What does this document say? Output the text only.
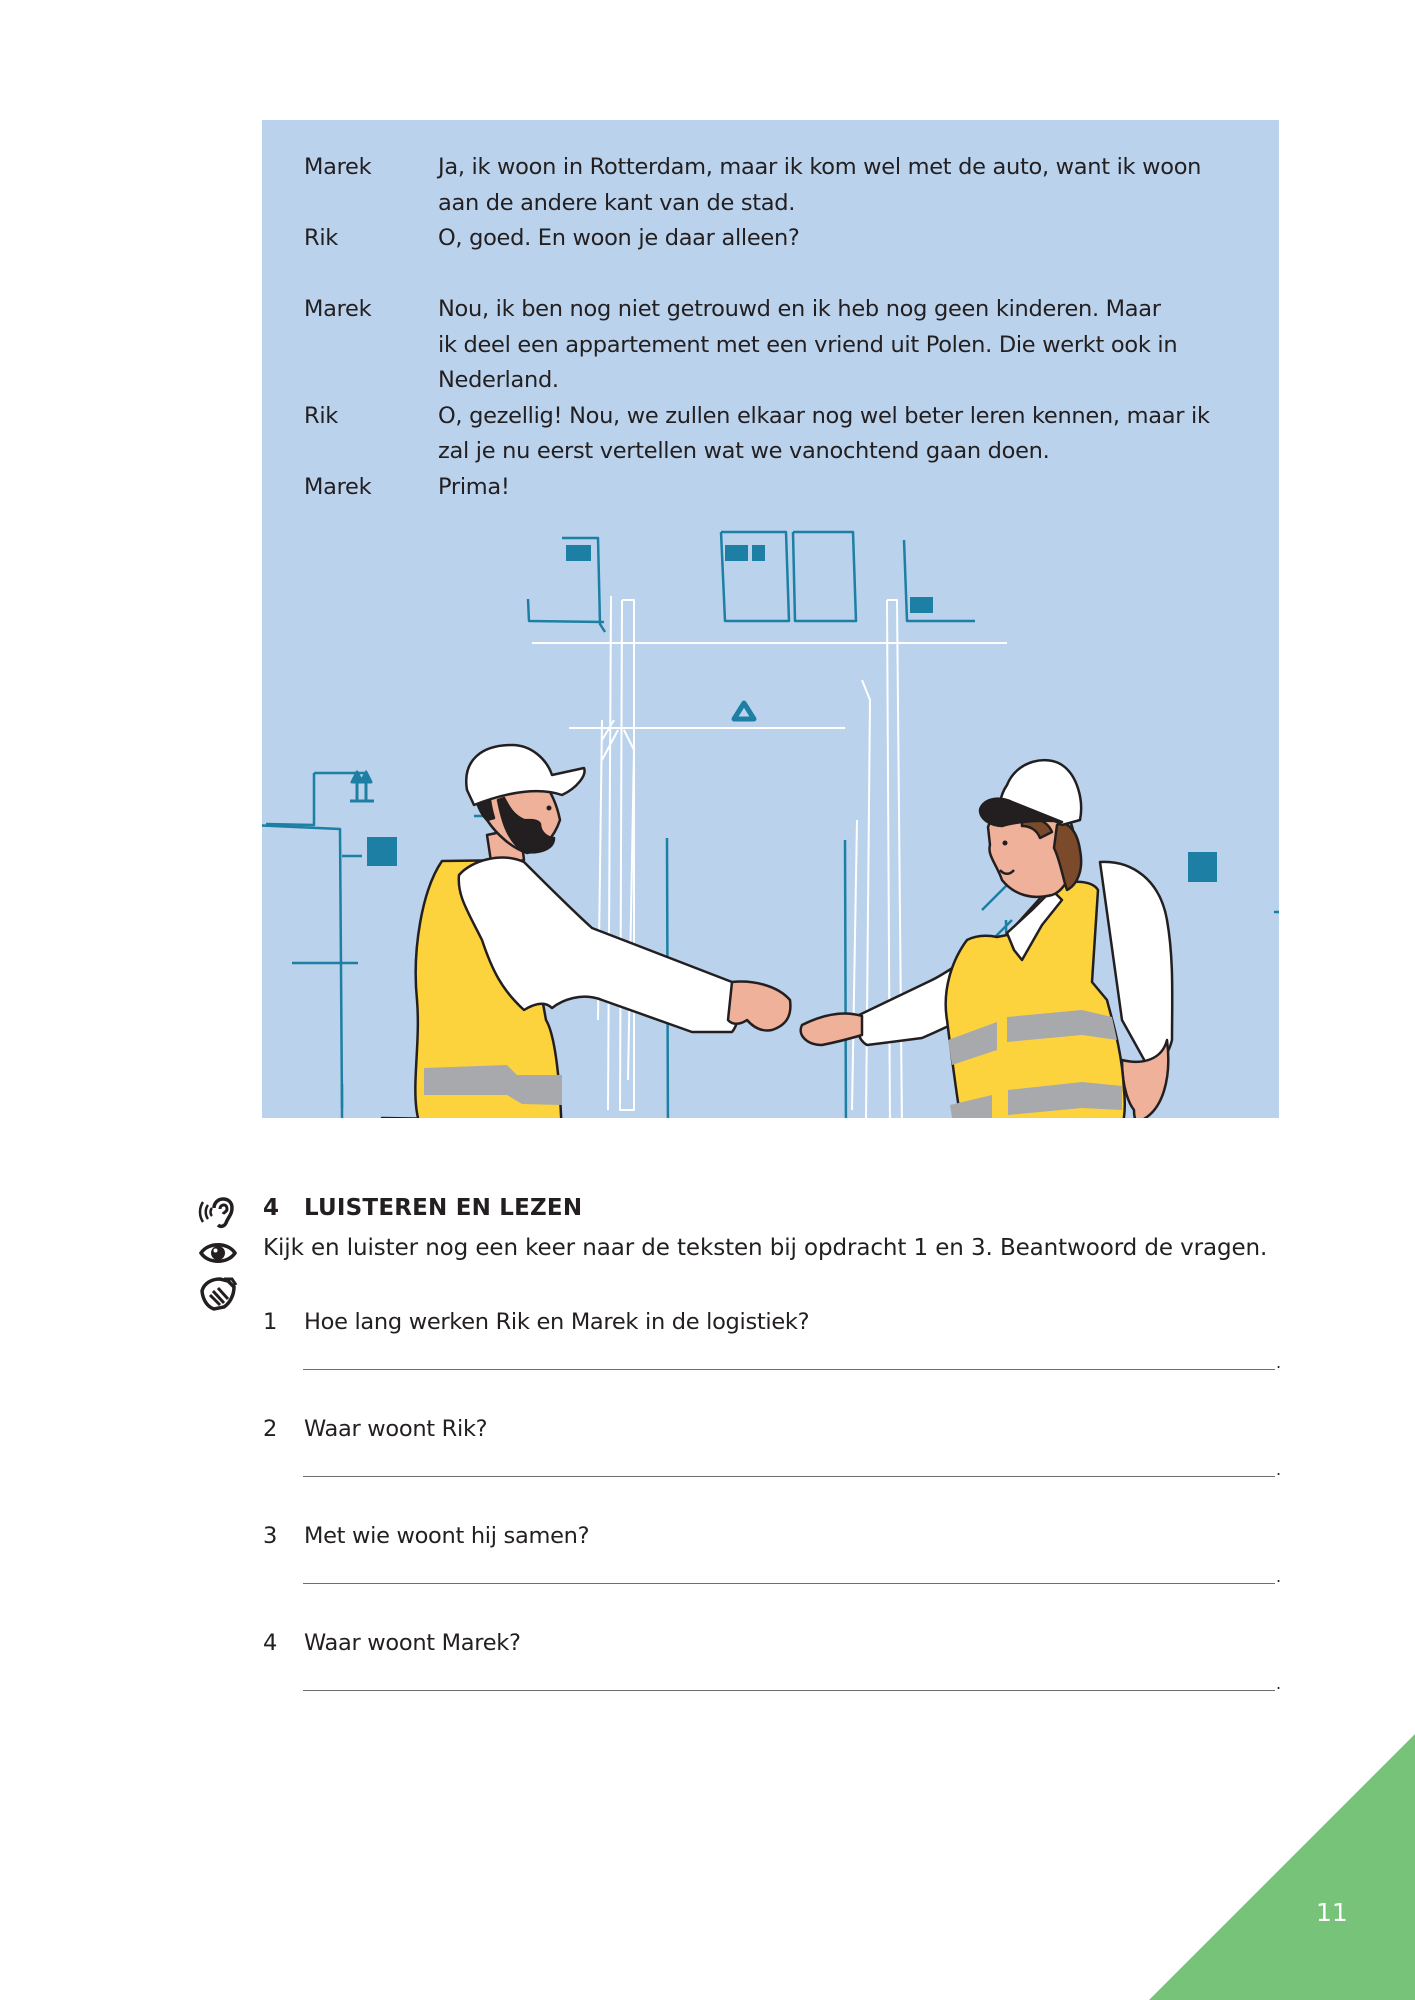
Marek	Ja, ik woon in Rotterdam, maar ik kom wel met de auto, want ik woon
aan de andere kant van de stad.
Rik	O, goed. En woon je daar alleen?
Marek	Nou, ik ben nog niet getrouwd en ik heb nog geen kinderen. Maar
ik deel een appartement met een vriend uit Polen. Die werkt ook in
Nederland.
Rik	O, gezellig! Nou, we zullen elkaar nog wel beter leren kennen, maar ik
zal je nu eerst vertellen wat we vanochtend gaan doen.
Marek	Prima!
4	LUISTEREN EN LEZEN
Kijk en luister nog een keer naar de teksten bij opdracht 1 en 3. Beantwoord de vragen.
1	Hoe lang werken Rik en Marek in de logistiek?
.
2	Waar woont Rik?
.
3	Met wie woont hij samen?
.
4	Waar woont Marek?
.
11
